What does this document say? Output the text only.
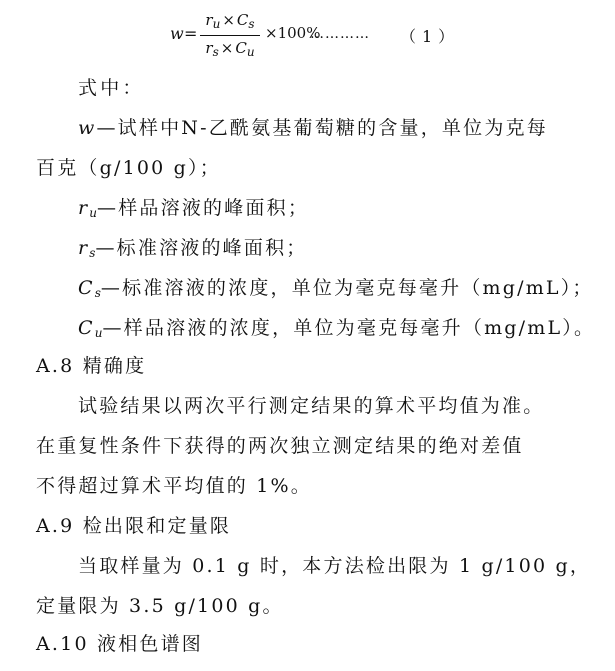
w =
$r_u \times C_s$
$r_s \times C_u$
×100%
………… （1）
式中：
w—试样中N-乙酰氨基葡萄糖的含量，单位为克每
百克（g/100 g）；
$r_u—$样品溶液的峰面积；
$r_s—$标准溶液的峰面积；
$C_s—$标准溶液的浓度，单位为毫克每毫升（mg/mL）；
$C_u—$样品溶液的浓度，单位为毫克每毫升（mg/mL）。
A.8 精确度
试验结果以两次平行测定结果的算术平均值为准。
在重复性条件下获得的两次独立测定结果的绝对差值
不得超过算术平均值的 1%。
A.9 检出限和定量限
当取样量为 0.1 g 时，本方法检出限为 1 g/100 g，
定量限为 3.5 g/100 g。
A.10 液相色谱图
